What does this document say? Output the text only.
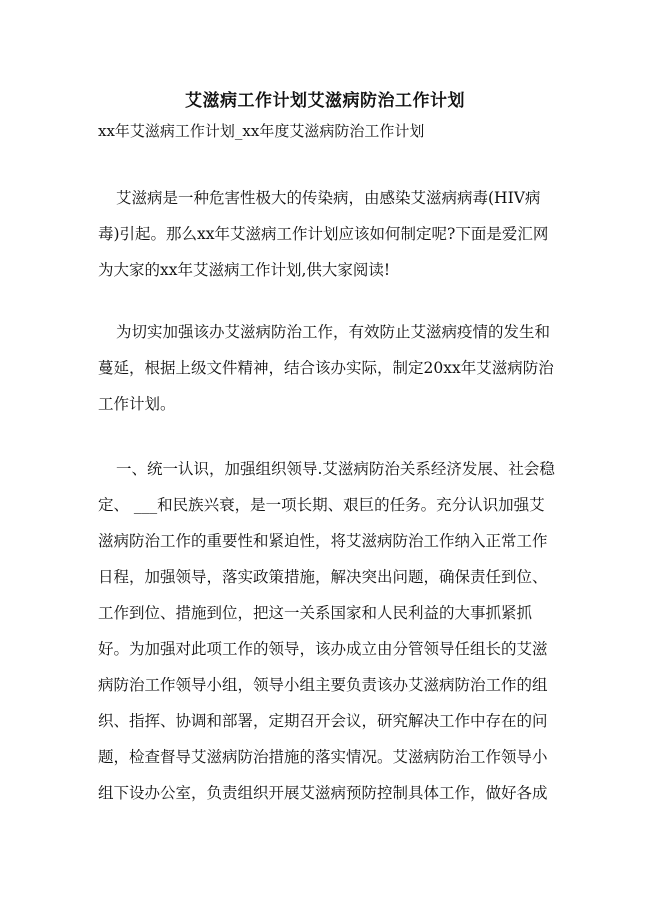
艾滋病工作计划艾滋病防治工作计划
xx年艾滋病工作计划_xx年度艾滋病防治工作计划
艾滋病是一种危害性极大的传染病，由感染艾滋病病毒(HIV病
毒)引起。那么xx年艾滋病工作计划应该如何制定呢?下面是爱汇网
为大家的xx年艾滋病工作计划,供大家阅读!
为切实加强该办艾滋病防治工作，有效防止艾滋病疫情的发生和
蔓延，根据上级文件精神，结合该办实际，制定20xx年艾滋病防治
工作计划。
一、统一认识，加强组织领导.艾滋病防治关系经济发展、社会稳
定、 ___和民族兴衰，是一项长期、艰巨的任务。充分认识加强艾
滋病防治工作的重要性和紧迫性，将艾滋病防治工作纳入正常工作
日程，加强领导，落实政策措施，解决突出问题，确保责任到位、
工作到位、措施到位，把这一关系国家和人民利益的大事抓紧抓
好。为加强对此项工作的领导，该办成立由分管领导任组长的艾滋
病防治工作领导小组，领导小组主要负责该办艾滋病防治工作的组
织、指挥、协调和部署，定期召开会议，研究解决工作中存在的问
题，检查督导艾滋病防治措施的落实情况。艾滋病防治工作领导小
组下设办公室，负责组织开展艾滋病预防控制具体工作，做好各成
